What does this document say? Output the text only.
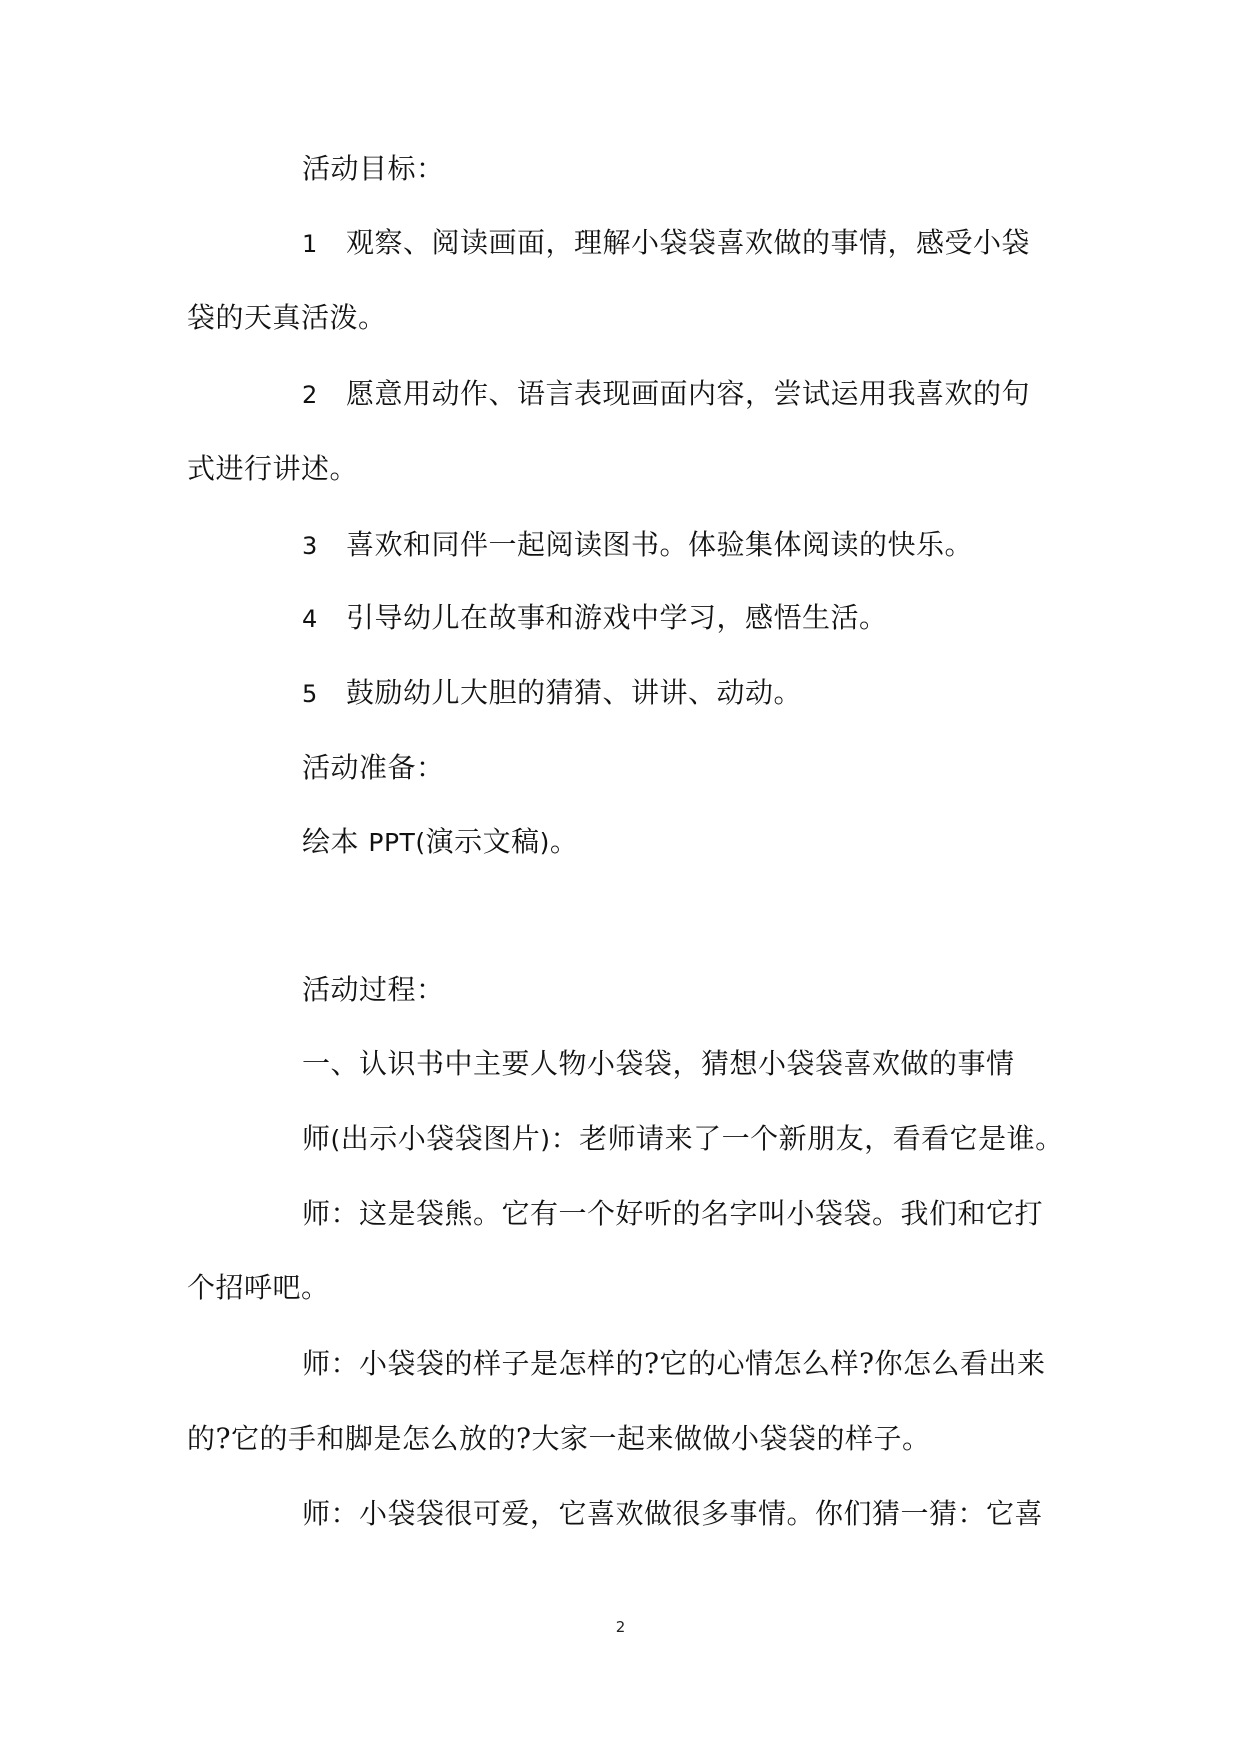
活动目标：
1 观察、阅读画面，理解小袋袋喜欢做的事情，感受小袋
袋的天真活泼。
2 愿意用动作、语言表现画面内容，尝试运用我喜欢的句
式进行讲述。
3 喜欢和同伴一起阅读图书。体验集体阅读的快乐。
4 引导幼儿在故事和游戏中学习，感悟生活。
5 鼓励幼儿大胆的猜猜、讲讲、动动。
活动准备：
绘本 PPT(演示文稿)。
活动过程：
一、认识书中主要人物小袋袋，猜想小袋袋喜欢做的事情
师(出示小袋袋图片)：老师请来了一个新朋友，看看它是谁。
师：这是袋熊。它有一个好听的名字叫小袋袋。我们和它打
个招呼吧。
师：小袋袋的样子是怎样的?它的心情怎么样?你怎么看出来
的?它的手和脚是怎么放的?大家一起来做做小袋袋的样子。
师：小袋袋很可爱，它喜欢做很多事情。你们猜一猜：它喜
2
